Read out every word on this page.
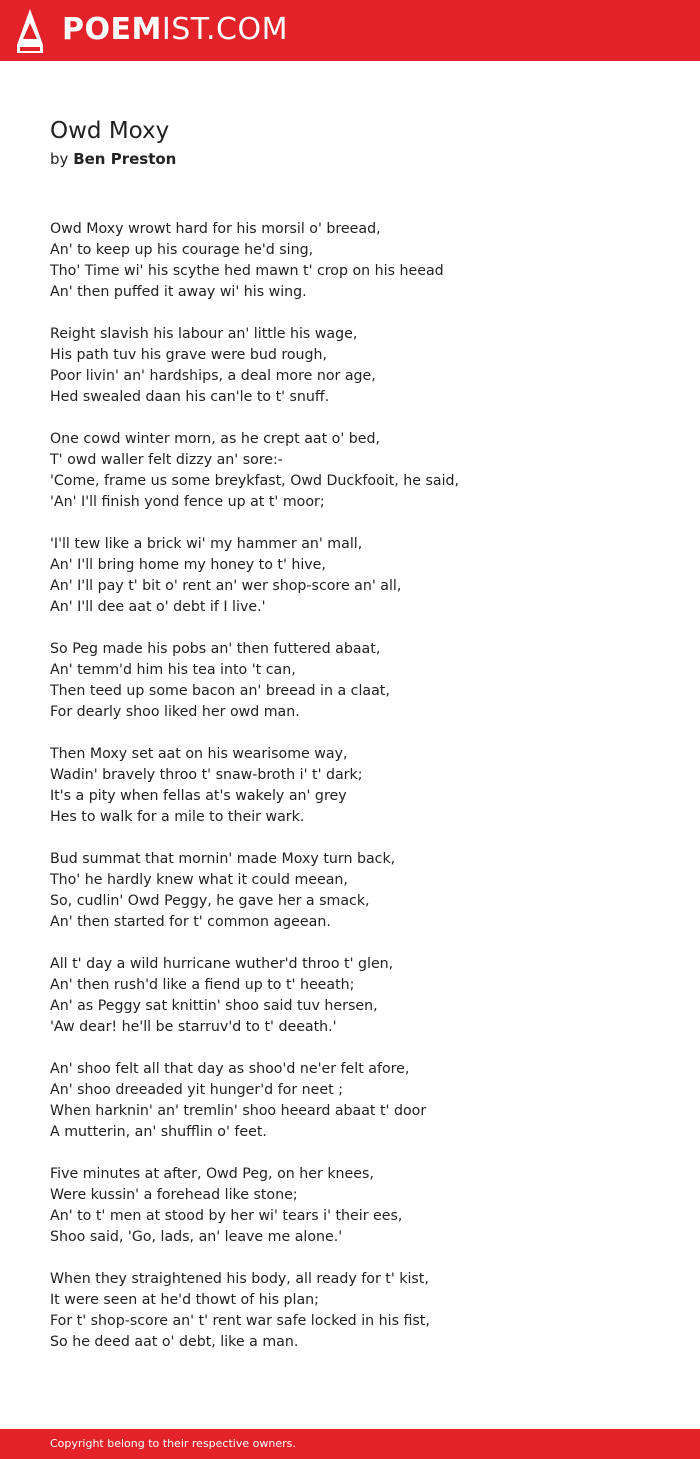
POEMIST.COM
Owd Moxy
by Ben Preston
Owd Moxy wrowt hard for his morsil o' breead,
An' to keep up his courage he'd sing,
Tho' Time wi' his scythe hed mawn t' crop on his heead
An' then puffed it away wi' his wing.
Reight slavish his labour an' little his wage,
His path tuv his grave were bud rough,
Poor livin' an' hardships, a deal more nor age,
Hed swealed daan his can'le to t' snuff.
One cowd winter morn, as he crept aat o' bed,
T' owd waller felt dizzy an' sore:-
'Come, frame us some breykfast, Owd Duckfooit, he said,
'An' I'll finish yond fence up at t' moor;
'I'll tew like a brick wi' my hammer an' mall,
An' I'll bring home my honey to t' hive,
An' I'll pay t' bit o' rent an' wer shop-score an' all,
An' I'll dee aat o' debt if I live.'
So Peg made his pobs an' then futtered abaat,
An' temm'd him his tea into 't can,
Then teed up some bacon an' breead in a claat,
For dearly shoo liked her owd man.
Then Moxy set aat on his wearisome way,
Wadin' bravely throo t' snaw-broth i' t' dark;
It's a pity when fellas at's wakely an' grey
Hes to walk for a mile to their wark.
Bud summat that mornin' made Moxy turn back,
Tho' he hardly knew what it could meean,
So, cudlin' Owd Peggy, he gave her a smack,
An' then started for t' common ageean.
All t' day a wild hurricane wuther'd throo t' glen,
An' then rush'd like a fiend up to t' heeath;
An' as Peggy sat knittin' shoo said tuv hersen,
'Aw dear! he'll be starruv'd to t' deeath.'
An' shoo felt all that day as shoo'd ne'er felt afore,
An' shoo dreeaded yit hunger'd for neet ;
When harknin' an' tremlin' shoo heeard abaat t' door
A mutterin, an' shufflin o' feet.
Five minutes at after, Owd Peg, on her knees,
Were kussin' a forehead like stone;
An' to t' men at stood by her wi' tears i' their ees,
Shoo said, 'Go, lads, an' leave me alone.'
When they straightened his body, all ready for t' kist,
It were seen at he'd thowt of his plan;
For t' shop-score an' t' rent war safe locked in his fist,
So he deed aat o' debt, like a man.
Copyright belong to their respective owners.
